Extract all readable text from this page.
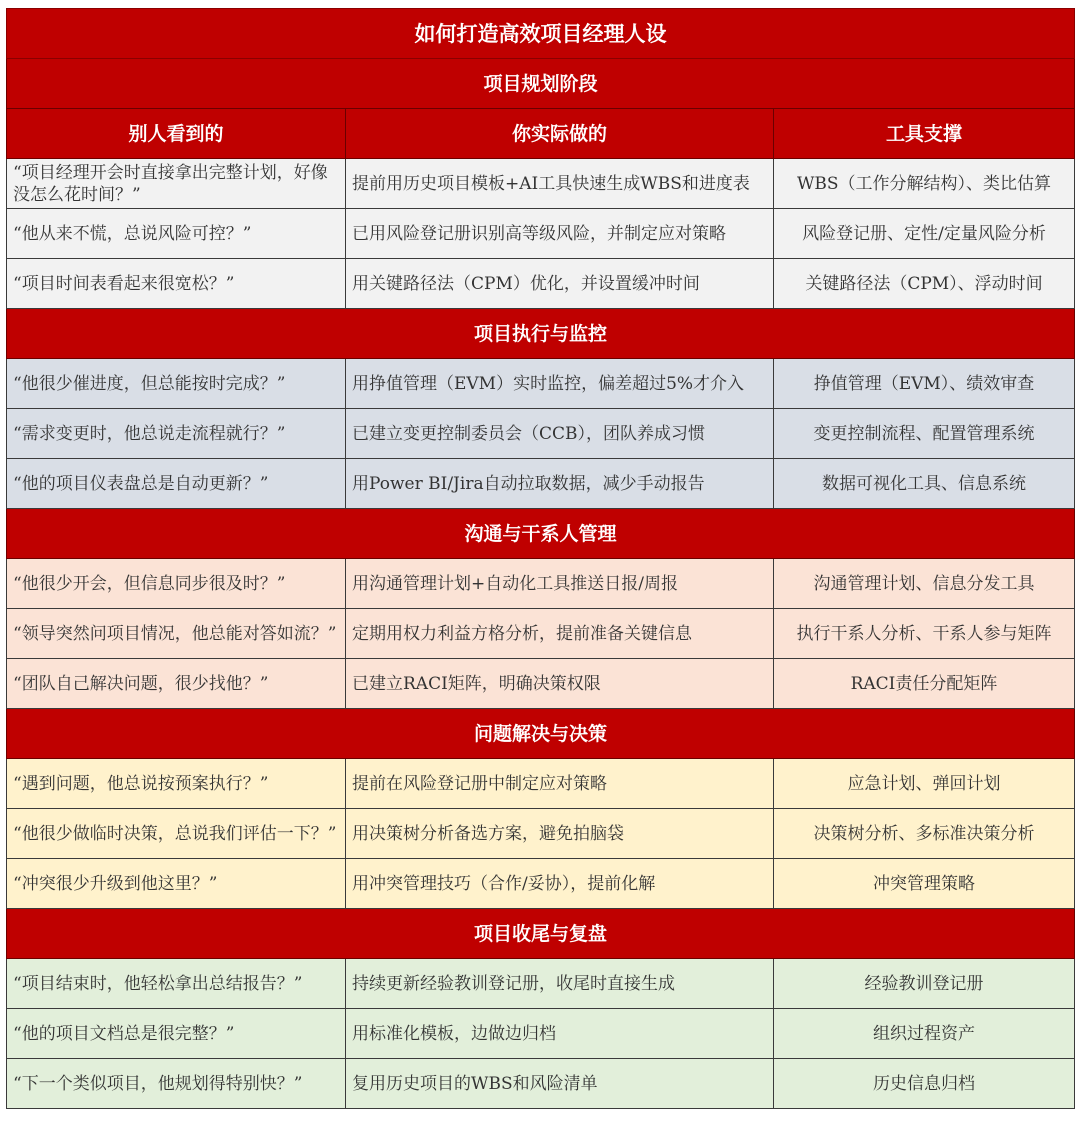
如何打造高效项目经理人设		
项目规划阶段		
别人看到的	你实际做的	工具支撑
“项目经理开会时直接拿出完整计划，好像没怎么花时间？”	提前用历史项目模板+AI工具快速生成WBS和进度表	WBS（工作分解结构）、类比估算
“他从来不慌，总说风险可控？”	已用风险登记册识别高等级风险，并制定应对策略	风险登记册、定性/定量风险分析
“项目时间表看起来很宽松？”	用关键路径法（CPM）优化，并设置缓冲时间	关键路径法（CPM）、浮动时间
项目执行与监控		
“他很少催进度，但总能按时完成？”	用挣值管理（EVM）实时监控，偏差超过5%才介入	挣值管理（EVM）、绩效审查
“需求变更时，他总说走流程就行？”	已建立变更控制委员会（CCB），团队养成习惯	变更控制流程、配置管理系统
“他的项目仪表盘总是自动更新？”	用Power BI/Jira自动拉取数据，减少手动报告	数据可视化工具、信息系统
沟通与干系人管理		
“他很少开会，但信息同步很及时？”	用沟通管理计划+自动化工具推送日报/周报	沟通管理计划、信息分发工具
“领导突然问项目情况，他总能对答如流？”	定期用权力利益方格分析，提前准备关键信息	执行干系人分析、干系人参与矩阵
“团队自己解决问题，很少找他？”	已建立RACI矩阵，明确决策权限	RACI责任分配矩阵
问题解决与决策		
“遇到问题，他总说按预案执行？”	提前在风险登记册中制定应对策略	应急计划、弹回计划
“他很少做临时决策，总说我们评估一下？”	用决策树分析备选方案，避免拍脑袋	决策树分析、多标准决策分析
“冲突很少升级到他这里？”	用冲突管理技巧（合作/妥协），提前化解	冲突管理策略
项目收尾与复盘		
“项目结束时，他轻松拿出总结报告？”	持续更新经验教训登记册，收尾时直接生成	经验教训登记册
“他的项目文档总是很完整？”	用标准化模板，边做边归档	组织过程资产
“下一个类似项目，他规划得特别快？”	复用历史项目的WBS和风险清单	历史信息归档
